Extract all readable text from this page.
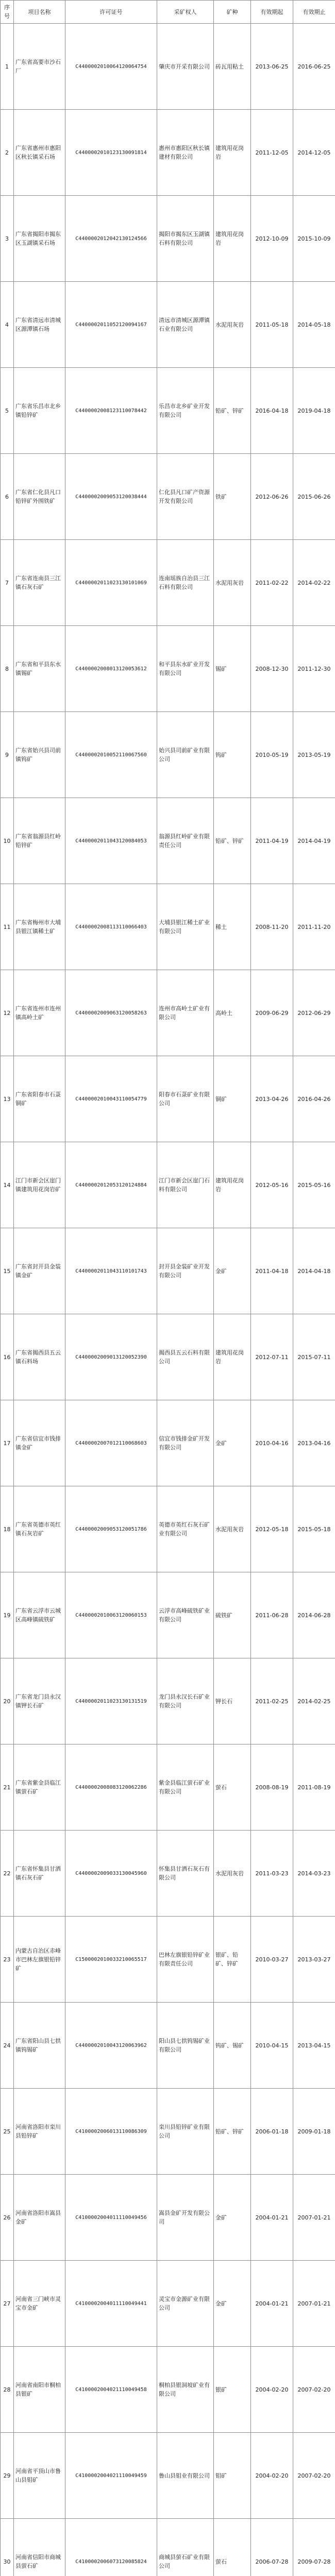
序号	项目名称	许可证号	采矿权人	矿种	有效期起	有效期止
1	广东省高要市沙石厂	C4400002010064120064754	肇庆市开采有限公司	砖瓦用粘土	2013-06-25	2016-06-25
2	广东省惠州市惠阳区秋长镇采石场	C4400002010123130091814	惠州市惠阳区秋长镇建材有限公司	建筑用花岗岩	2011-12-05	2014-12-05
3	广东省揭阳市揭东区玉湖镇采石场	C4400002012042130124566	揭阳市揭东区玉湖镇石料有限公司	建筑用花岗岩	2012-10-09	2015-10-09
4	广东省清远市清城区源潭镇石场	C4400002011052120094167	清远市清城区源潭镇石业有限公司	水泥用灰岩	2011-05-18	2014-05-18
5	广东省乐昌市北乡镇铅锌矿	C4400002008123110078442	乐昌市北乡矿业开发有限公司	铅矿、锌矿	2016-04-18	2019-04-18
6	广东省仁化县凡口铅锌矿外围铁矿	C4400002009053120038444	仁化县凡口矿产资源开发有限公司	铁矿	2012-06-26	2015-06-26
7	广东省连南县三江镇石灰石矿	C4400002011023130101069	连南瑶族自治县三江石料有限公司	水泥用灰岩	2011-02-22	2014-02-22
8	广东省和平县东水镇锡矿	C4400002008013120053612	和平县东水矿业开发有限公司	锡矿	2008-12-30	2011-12-30
9	广东省始兴县司前镇钨矿	C4400002010052110067560	始兴县司前矿业有限公司	钨矿	2010-05-19	2013-05-19
10	广东省翁源县红岭铅锌矿	C4400002011043120084053	翁源县红岭矿业有限责任公司	铅矿、锌矿	2011-04-19	2014-04-19
11	广东省梅州市大埔县银江镇稀土矿	C4400002008113110066403	大埔县银江稀土矿业有限公司	稀土	2008-11-20	2011-11-20
12	广东省连州市连州镇高岭土矿	C4400002009063120058263	连州市高岭土矿业有限公司	高岭土	2009-06-29	2012-06-29
13	广东省阳春市石菉铜矿	C4400002010043110054779	阳春市石菉矿业有限公司	铜矿	2013-04-26	2016-04-26
14	江门市新会区崖门镇建筑用花岗岩矿	C4400002012053120124884	江门市新会区崖门石料有限公司	建筑用花岗岩	2012-05-16	2015-05-16
15	广东省封开县金装镇金矿	C4400002011043110101743	封开县金装矿业开发有限公司	金矿	2011-04-18	2014-04-18
16	广东省揭西县五云镇石料场	C4400002009013120052390	揭西县五云石料有限公司	建筑用花岗岩	2012-07-11	2015-07-11
17	广东省信宜市钱排镇金矿	C4400002007012110068603	信宜市钱排金矿开发有限公司	金矿	2010-04-16	2013-04-16
18	广东省英德市英红镇石灰岩矿	C4400002009053120051786	英德市英红石灰石矿业有限公司	水泥用灰岩	2012-05-18	2015-05-18
19	广东省云浮市云城区高峰镇硫铁矿	C4400002010063120060153	云浮市高峰硫铁矿业有限公司	硫铁矿	2011-06-28	2014-06-28
20	广东省龙门县永汉镇钾长石矿	C4400002011023130131519	龙门县永汉长石矿业有限公司	钾长石	2011-02-25	2014-02-25
21	广东省紫金县临江镇萤石矿	C4400002008083120062286	紫金县临江萤石矿业有限公司	萤石	2008-08-19	2011-08-19
22	广东省怀集县甘洒镇石灰石矿	C4400002009033130045960	怀集县甘洒石灰石有限公司	水泥用灰岩	2011-03-23	2014-03-23
23	内蒙古自治区赤峰市巴林左旗银铅锌矿	C1500002010033210065517	巴林左旗银铅锌矿业有限责任公司	银矿、铅矿、锌矿	2010-03-27	2013-03-27
24	广东省阳山县七拱镇钨锡矿	C4400002010043120063962	阳山县七拱钨锡矿业有限公司	钨矿、锡矿	2010-04-15	2013-04-15
25	河南省洛阳市栾川县铅锌矿	C4100002006013110086309	栾川县铅锌矿业有限公司	铅矿、锌矿	2006-01-18	2009-01-18
26	河南省洛阳市嵩县金矿	C4100002004011110049456	嵩县金矿开发有限公司	金矿	2004-01-21	2007-01-21
27	河南省三门峡市灵宝市金矿	C4100002004011110049441	灵宝市金源矿业有限公司	金矿	2004-01-21	2007-01-21
28	河南省南阳市桐柏县银矿	C4100002004021110049458	桐柏县银洞坡矿业有限公司	银矿	2004-02-20	2007-02-20
29	河南省平顶山市鲁山县钼矿	C4100002004021110049459	鲁山县钼业有限公司	钼矿	2004-02-20	2007-02-20
30	河南省信阳市商城县萤石矿	C4100002006073120085824	商城县萤石矿业有限公司	萤石	2006-07-28	2009-07-28
